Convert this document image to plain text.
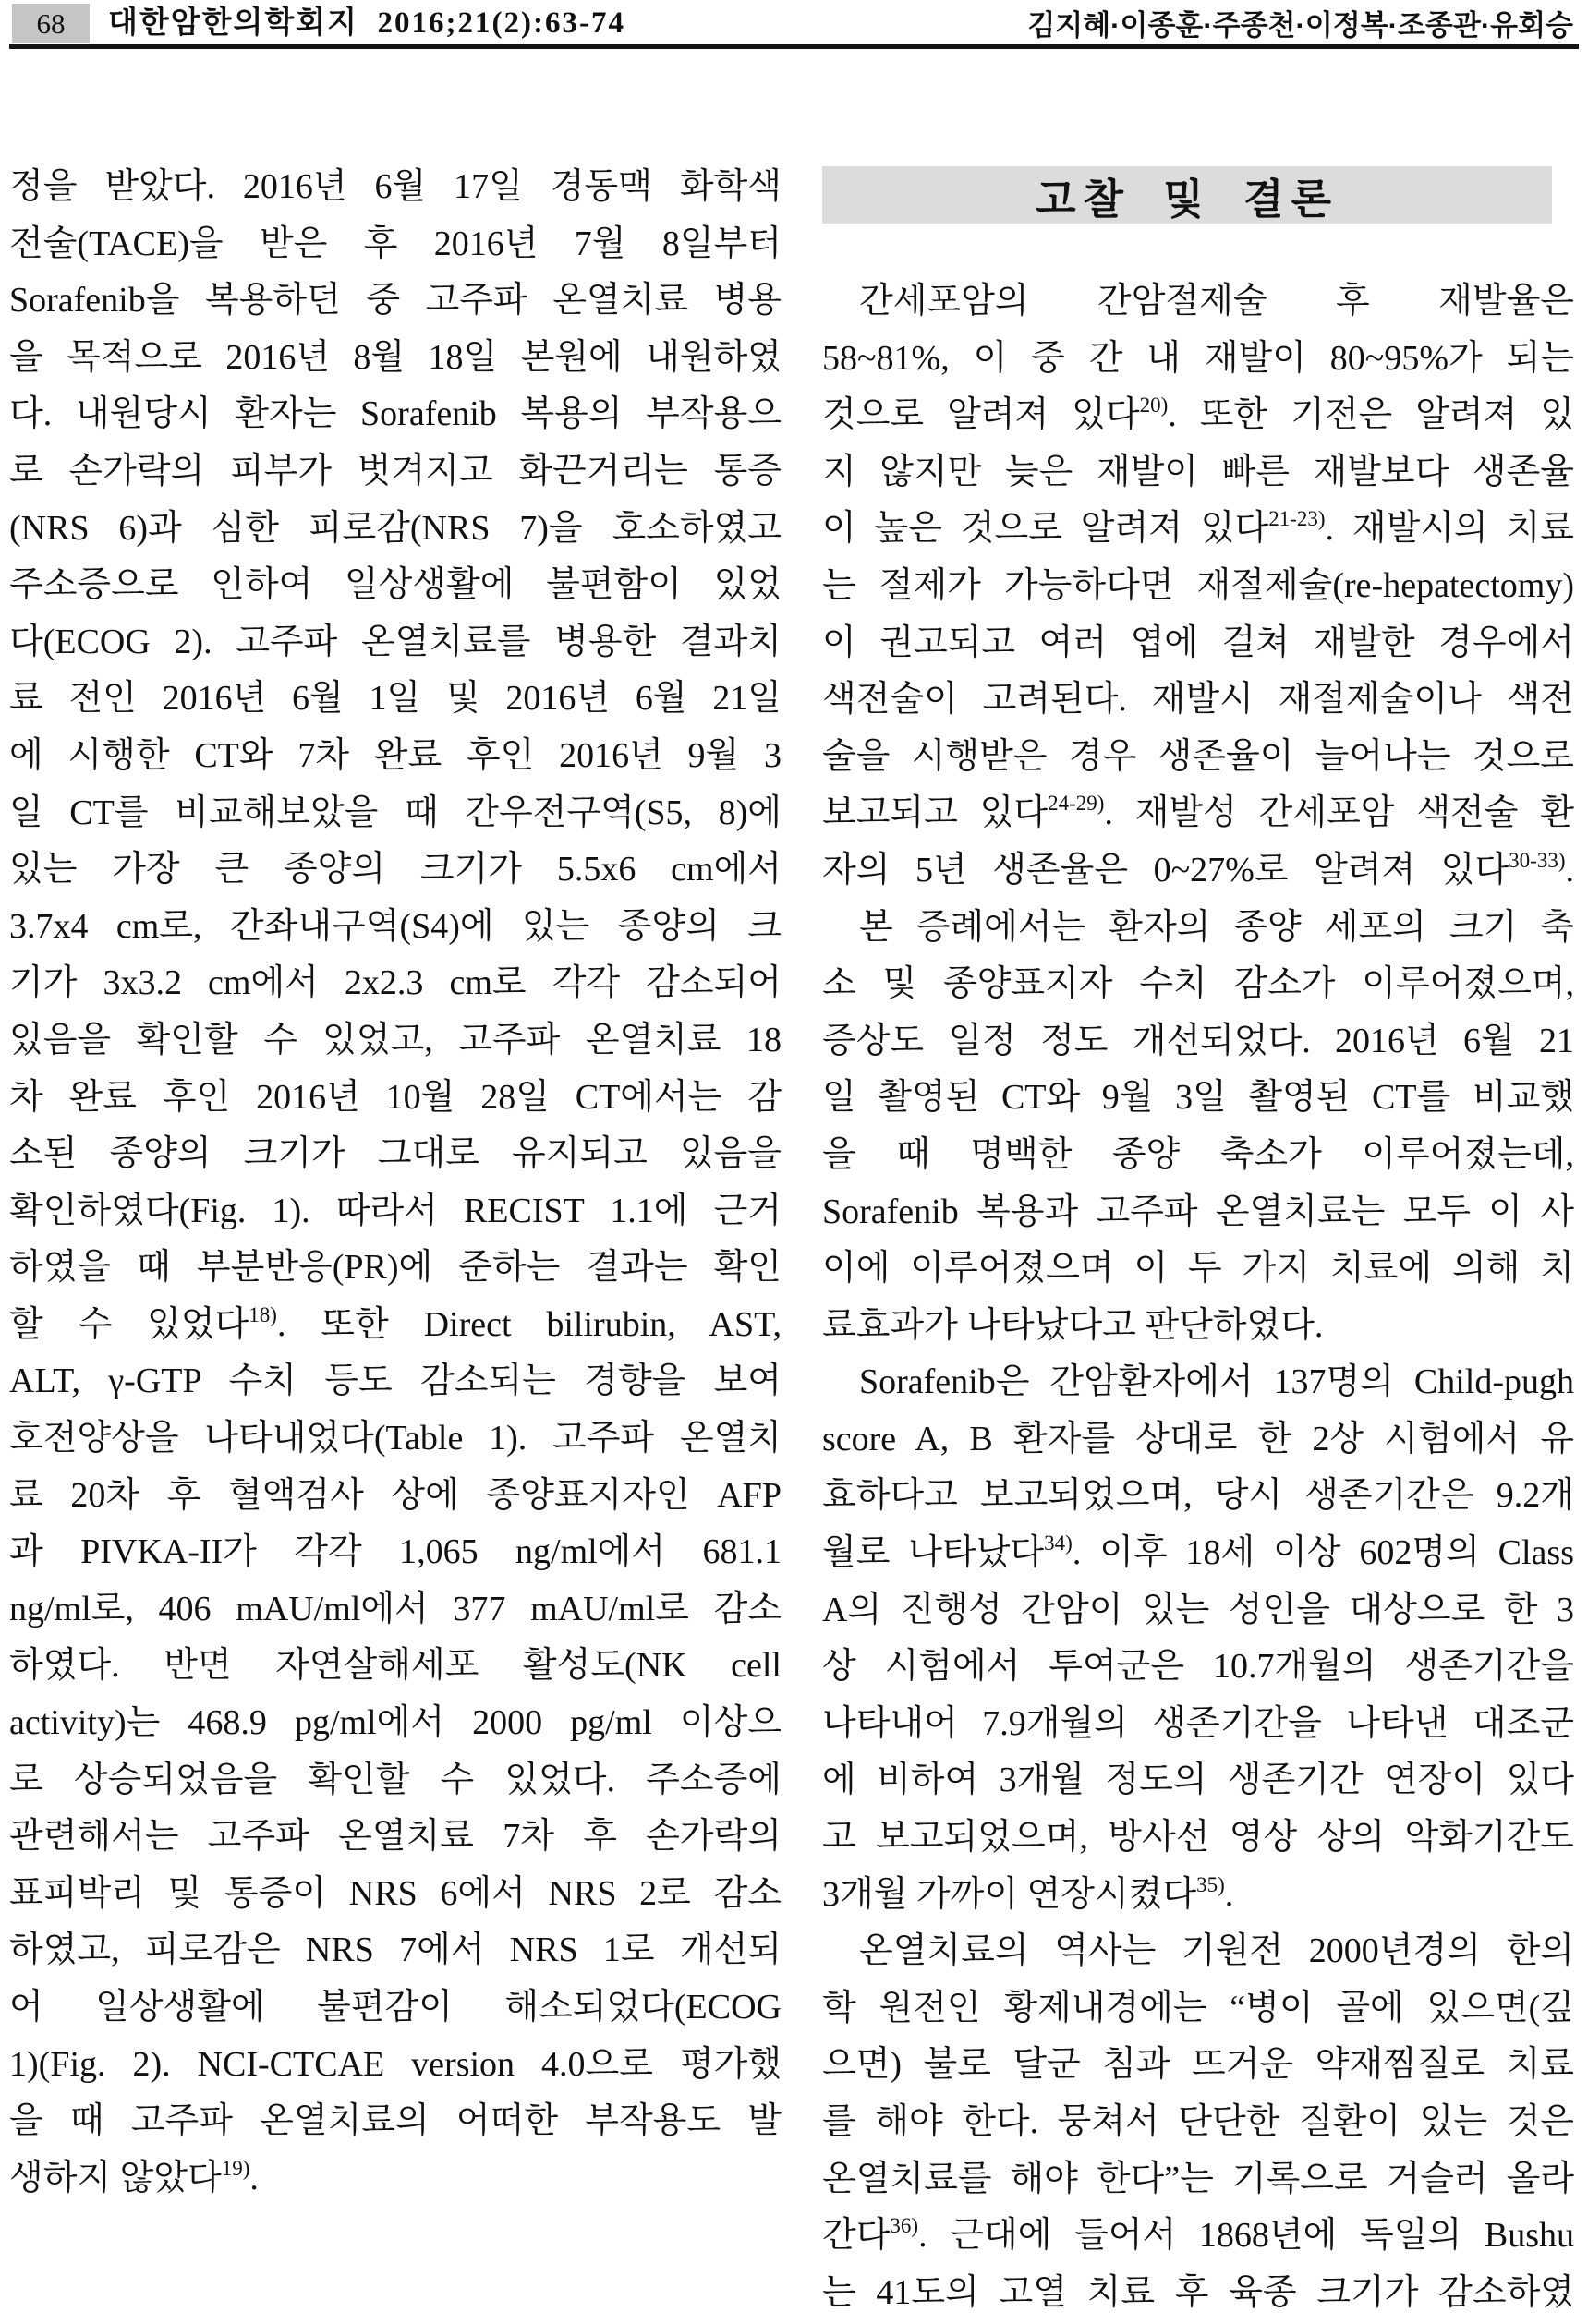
68 대한암한의학회지  2016;21(2):63-74	김지혜·이종훈·주종천·이정복·조종관·유회승
정을 받았다. 2016년 6월 17일 경동맥 화학색
전술(TACE)을 받은 후 2016년 7월 8일부터
Sorafenib을 복용하던 중 고주파 온열치료 병용
을 목적으로 2016년 8월 18일 본원에 내원하였
다. 내원당시 환자는 Sorafenib 복용의 부작용으
로 손가락의 피부가 벗겨지고 화끈거리는 통증
(NRS 6)과 심한 피로감(NRS 7)을 호소하였고
주소증으로 인하여 일상생활에 불편함이 있었
다(ECOG 2). 고주파 온열치료를 병용한 결과치
료 전인 2016년 6월 1일 및 2016년 6월 21일
에 시행한 CT와 7차 완료 후인 2016년 9월 3
일 CT를 비교해보았을 때 간우전구역(S5, 8)에
있는 가장 큰 종양의 크기가 5.5x6 cm에서
3.7x4 cm로, 간좌내구역(S4)에 있는 종양의 크
기가 3x3.2 cm에서 2x2.3 cm로 각각 감소되어
있음을 확인할 수 있었고, 고주파 온열치료 18
차 완료 후인 2016년 10월 28일 CT에서는 감
소된 종양의 크기가 그대로 유지되고 있음을
확인하였다(Fig. 1). 따라서 RECIST 1.1에 근거
하였을 때 부분반응(PR)에 준하는 결과는 확인
할 수 있었다$^{18)}$. 또한 Direct bilirubin, AST,
ALT, γ-GTP 수치 등도 감소되는 경향을 보여
호전양상을 나타내었다(Table 1). 고주파 온열치
료 20차 후 혈액검사 상에 종양표지자인 AFP
과 PIVKA-II가 각각 1,065 ng/ml에서 681.1
ng/ml로, 406 mAU/ml에서 377 mAU/ml로 감소
하였다. 반면 자연살해세포 활성도(NK cell
activity)는 468.9 pg/ml에서 2000 pg/ml 이상으
로 상승되었음을 확인할 수 있었다. 주소증에
관련해서는 고주파 온열치료 7차 후 손가락의
표피박리 및 통증이 NRS 6에서 NRS 2로 감소
하였고, 피로감은 NRS 7에서 NRS 1로 개선되
어 일상생활에 불편감이 해소되었다(ECOG
1)(Fig. 2). NCI-CTCAE version 4.0으로 평가했
을 때 고주파 온열치료의 어떠한 부작용도 발
생하지 않았다$^{19)}$.
고찰 및 결론
간세포암의 간암절제술 후 재발율은
58~81%, 이 중 간 내 재발이 80~95%가 되는
것으로 알려져 있다$^{20)}$. 또한 기전은 알려져 있
지 않지만 늦은 재발이 빠른 재발보다 생존율
이 높은 것으로 알려져 있다$^{21-23)}$. 재발시의 치료
는 절제가 가능하다면 재절제술(re-hepatectomy)
이 권고되고 여러 엽에 걸쳐 재발한 경우에서
색전술이 고려된다. 재발시 재절제술이나 색전
술을 시행받은 경우 생존율이 늘어나는 것으로
보고되고 있다$^{24-29)}$. 재발성 간세포암 색전술 환
자의 5년 생존율은 0~27%로 알려져 있다$^{30-33)}$.
본 증례에서는 환자의 종양 세포의 크기 축
소 및 종양표지자 수치 감소가 이루어졌으며,
증상도 일정 정도 개선되었다. 2016년 6월 21
일 촬영된 CT와 9월 3일 촬영된 CT를 비교했
을 때 명백한 종양 축소가 이루어졌는데,
Sorafenib 복용과 고주파 온열치료는 모두 이 사
이에 이루어졌으며 이 두 가지 치료에 의해 치
료효과가 나타났다고 판단하였다.
Sorafenib은 간암환자에서 137명의 Child-pugh
score A, B 환자를 상대로 한 2상 시험에서 유
효하다고 보고되었으며, 당시 생존기간은 9.2개
월로 나타났다$^{34)}$. 이후 18세 이상 602명의 Class
A의 진행성 간암이 있는 성인을 대상으로 한 3
상 시험에서 투여군은 10.7개월의 생존기간을
나타내어 7.9개월의 생존기간을 나타낸 대조군
에 비하여 3개월 정도의 생존기간 연장이 있다
고 보고되었으며, 방사선 영상 상의 악화기간도
3개월 가까이 연장시켰다$^{35)}$.
온열치료의 역사는 기원전 2000년경의 한의
학 원전인 황제내경에는 “병이 골에 있으면(깊
으면) 불로 달군 침과 뜨거운 약재찜질로 치료
를 해야 한다. 뭉쳐서 단단한 질환이 있는 것은
온열치료를 해야 한다”는 기록으로 거슬러 올라
간다$^{36)}$. 근대에 들어서 1868년에 독일의 Bushu
는 41도의 고열 치료 후 육종 크기가 감소하였
